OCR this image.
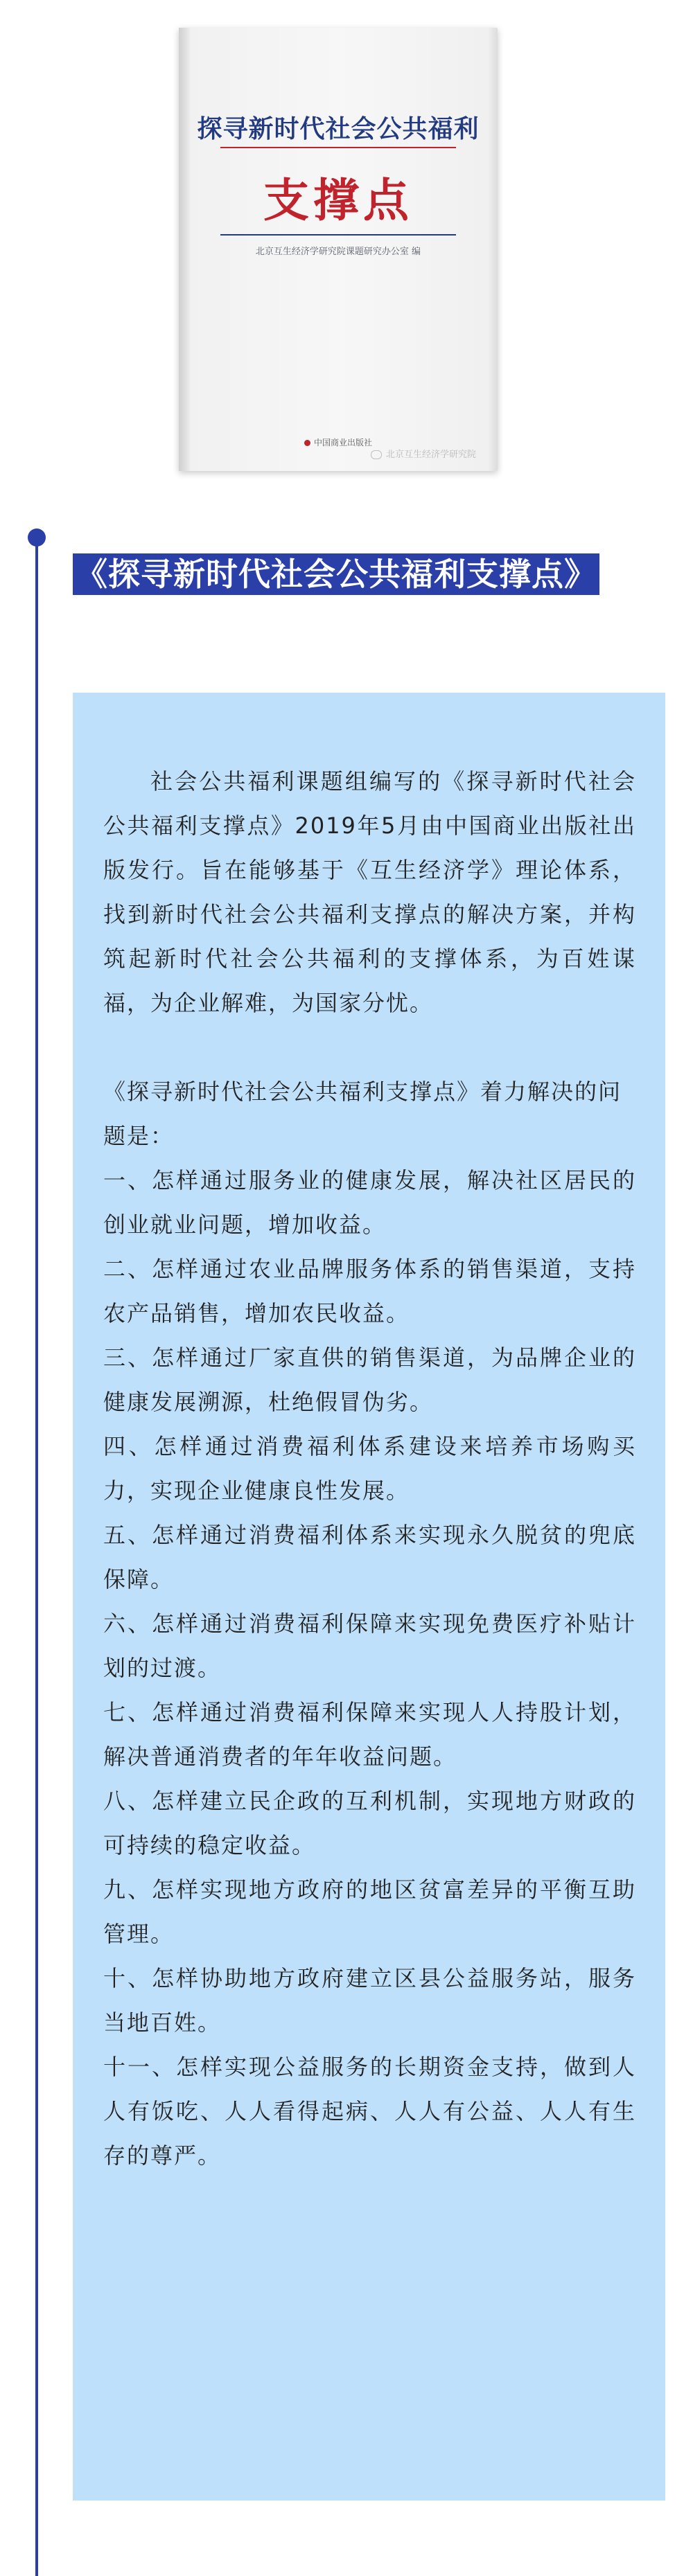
探寻新时代社会公共福利
支撑点
北京互生经济学研究院课题研究办公室 编
中国商业出版社
北京互生经济学研究院
《探寻新时代社会公共福利支撑点》

社会公共福利课题组编写的《探寻新时代社会公共福利支撑点》2019年5月由中国商业出版社出版发行。旨在能够基于《互生经济学》理论体系，找到新时代社会公共福利支撑点的解决方案，并构筑起新时代社会公共福利的支撑体系，为百姓谋福，为企业解难，为国家分忧。

《探寻新时代社会公共福利支撑点》着力解决的问题是：

一、怎样通过服务业的健康发展，解决社区居民的创业就业问题，增加收益。

二、怎样通过农业品牌服务体系的销售渠道，支持农产品销售，增加农民收益。

三、怎样通过厂家直供的销售渠道，为品牌企业的健康发展溯源，杜绝假冒伪劣。

四、怎样通过消费福利体系建设来培养市场购买力，实现企业健康良性发展。

五、怎样通过消费福利体系来实现永久脱贫的兜底保障。

六、怎样通过消费福利保障来实现免费医疗补贴计划的过渡。

七、怎样通过消费福利保障来实现人人持股计划，解决普通消费者的年年收益问题。

八、怎样建立民企政的互利机制，实现地方财政的可持续的稳定收益。

九、怎样实现地方政府的地区贫富差异的平衡互助管理。

十、怎样协助地方政府建立区县公益服务站，服务当地百姓。

十一、怎样实现公益服务的长期资金支持，做到人人有饭吃、人人看得起病、人人有公益、人人有生存的尊严。
